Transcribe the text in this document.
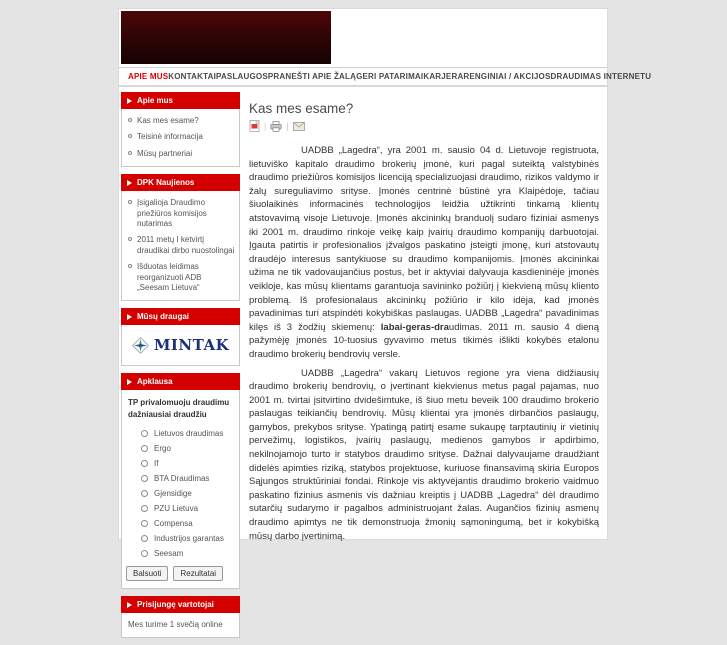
APIE MUS KONTAKTAI PASLAUGOS PRANEŠTI APIE ŽALĄ GERI PATARIMAI KARJERA RENGINIAI / AKCIJOS DRAUDIMAS INTERNETU
Apie mus
Kas mes esame?
Teisinė informacija
Mūsų partneriai
DPK Naujienos
Įsigalioja Draudimo priežiūros komisijos nutarimas
2011 metų I ketvirtį draudikai dirbo nuostolingai
Išduotas leidimas reorganizuoti ADB „Seesam Lietuva“
Mūsų draugai
MINTAK
Apklausa
TP privalomuoju draudimu dažniausiai draudžiu
Lietuvos draudimas
Ergo
If
BTA Draudimas
Gjensidige
PZU Lietuva
Compensa
Industrijos garantas
Seesam
Balsuoti	Rezultatai
Prisijungę vartotojai
Mes turime 1 svečią online
Kas mes esame?
| |

UADBB „Lagedra“, yra 2001 m. sausio 04 d. Lietuvoje registruota, lietuviško kapitalo draudimo brokerių įmonė, kuri pagal suteiktą valstybinės draudimo priežiūros komisijos licenciją specializuojasi draudimo, rizikos valdymo ir žalų sureguliavimo srityse. Įmonės centrinė būstinė yra Klaipėdoje, tačiau šiuolaikinės informacinės technologijos leidžia užtikrinti tinkamą klientų atstovavimą visoje Lietuvoje. Įmonės akcininkų branduolį sudaro fiziniai asmenys iki 2001 m. draudimo rinkoje veikę kaip įvairių draudimo kompanijų darbuotojai. Įgauta patirtis ir profesionalios įžvalgos paskatino įsteigti įmonę, kuri atstovautų draudėjo interesus santykiuose su draudimo kompanijomis. Įmonės akcininkai užima ne tik vadovaujančius postus, bet ir aktyviai dalyvauja kasdieninėje įmonės veikloje, kas mūsų klientams garantuoja savininko požiūrį į kiekvieną mūsų kliento problemą. Iš profesionalaus akcininkų požiūrio ir kilo idėja, kad įmonės pavadinimas turi atspindėti kokybiškas paslaugas. UADBB „Lagedra“ pavadinimas kilęs iš 3 žodžių skiemenų: labai-geras-draudimas. 2011 m. sausio 4 dieną pažymėję įmonės 10-tuosius gyvavimo metus tikimės išlikti kokybės etalonu draudimo brokerių bendrovių versle.

UADBB „Lagedra“ vakarų Lietuvos regione yra viena didžiausių draudimo brokerių bendrovių, o įvertinant kiekvienus metus pagal pajamas, nuo 2001 m. tvirtai įsitvirtino dvidešimtuke, iš šiuo metu beveik 100 draudimo brokerio paslaugas teikiančių bendrovių. Mūsų klientai yra įmonės dirbančios paslaugų, gamybos, prekybos srityse. Ypatingą patirtį esame sukaupę tarptautinių ir vietinių pervežimų, logistikos, įvairių paslaugų, medienos gamybos ir apdirbimo, nekilnojamojo turto ir statybos draudimo srityse. Dažnai dalyvaujame draudžiant didelės apimties riziką, statybos projektuose, kuriuose finansavimą skiria Europos Sąjungos struktūriniai fondai. Rinkoje vis aktyvėjantis draudimo brokerio vaidmuo paskatino fizinius asmenis vis dažniau kreiptis į UADBB „Lagedra“ dėl draudimo sutarčių sudarymo ir pagalbos administruojant žalas. Augančios fizinių asmenų draudimo apimtys ne tik demonstruoja žmonių sąmoningumą, bet ir kokybišką mūsų darbo įvertinimą.
